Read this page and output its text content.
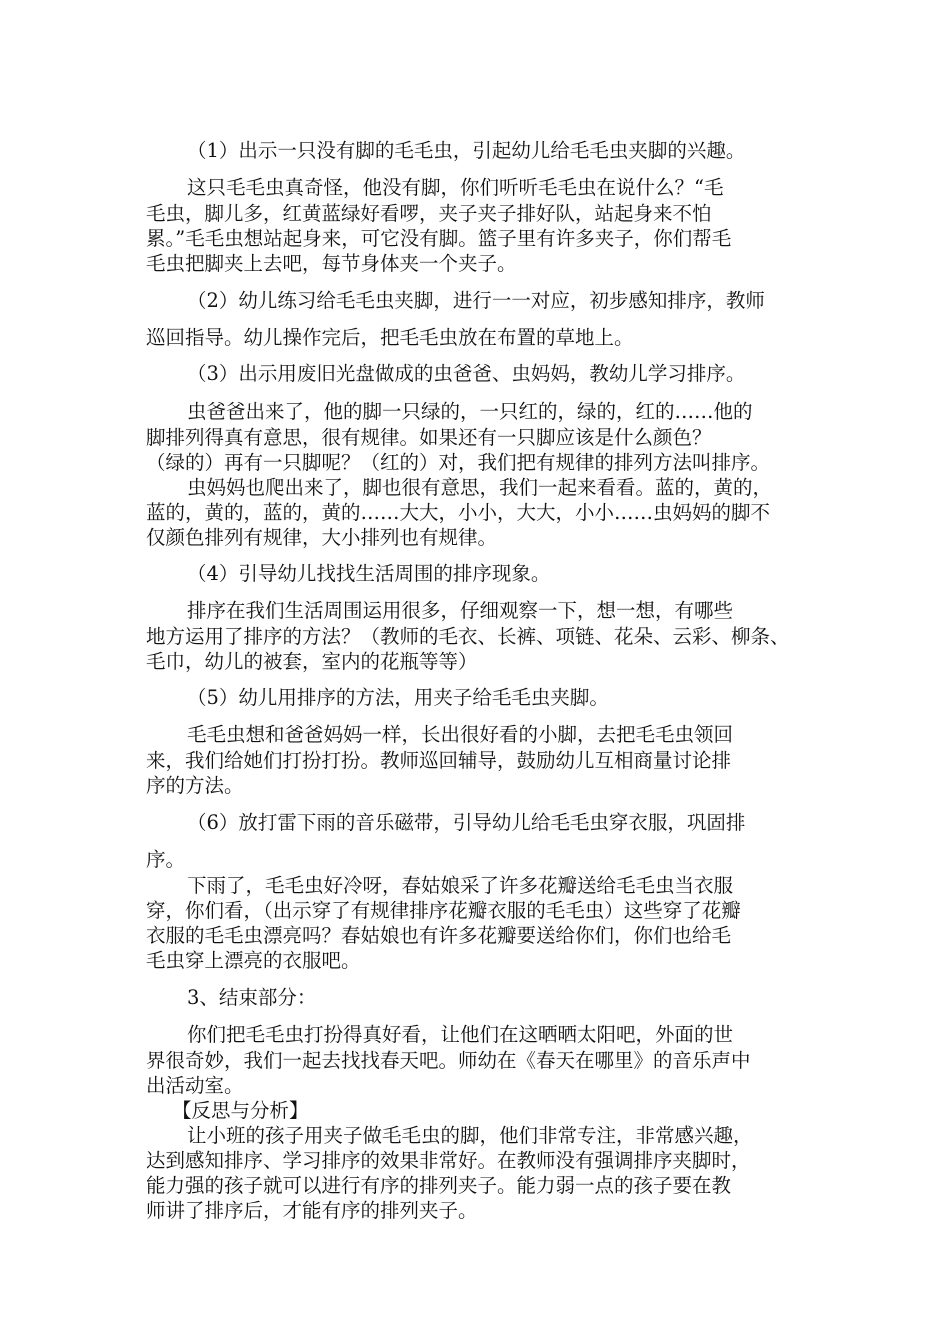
（1）出示一只没有脚的毛毛虫，引起幼儿给毛毛虫夹脚的兴趣。
这只毛毛虫真奇怪，他没有脚，你们听听毛毛虫在说什么？“毛
毛虫，脚儿多，红黄蓝绿好看啰，夹子夹子排好队，站起身来不怕
累。”毛毛虫想站起身来，可它没有脚。篮子里有许多夹子，你们帮毛
毛虫把脚夹上去吧，每节身体夹一个夹子。
（2）幼儿练习给毛毛虫夹脚，进行一一对应，初步感知排序，教师
巡回指导。幼儿操作完后，把毛毛虫放在布置的草地上。
（3）出示用废旧光盘做成的虫爸爸、虫妈妈，教幼儿学习排序。
虫爸爸出来了，他的脚一只绿的，一只红的，绿的，红的……他的
脚排列得真有意思，很有规律。如果还有一只脚应该是什么颜色？
（绿的）再有一只脚呢？（红的）对，我们把有规律的排列方法叫排序。
虫妈妈也爬出来了，脚也很有意思，我们一起来看看。蓝的，黄的，
蓝的，黄的，蓝的，黄的……大大，小小，大大，小小……虫妈妈的脚不
仅颜色排列有规律，大小排列也有规律。
（4）引导幼儿找找生活周围的排序现象。
排序在我们生活周围运用很多，仔细观察一下，想一想，有哪些
地方运用了排序的方法？（教师的毛衣、长裤、项链、花朵、云彩、柳条、
毛巾，幼儿的被套，室内的花瓶等等）
（5）幼儿用排序的方法，用夹子给毛毛虫夹脚。
毛毛虫想和爸爸妈妈一样，长出很好看的小脚，去把毛毛虫领回
来，我们给她们打扮打扮。教师巡回辅导，鼓励幼儿互相商量讨论排
序的方法。
（6）放打雷下雨的音乐磁带，引导幼儿给毛毛虫穿衣服，巩固排
序。
下雨了，毛毛虫好冷呀，春姑娘采了许多花瓣送给毛毛虫当衣服
穿，你们看，（出示穿了有规律排序花瓣衣服的毛毛虫）这些穿了花瓣
衣服的毛毛虫漂亮吗？春姑娘也有许多花瓣要送给你们，你们也给毛
毛虫穿上漂亮的衣服吧。
3、结束部分：
你们把毛毛虫打扮得真好看，让他们在这晒晒太阳吧，外面的世
界很奇妙，我们一起去找找春天吧。师幼在《春天在哪里》的音乐声中
出活动室。
【反思与分析】
让小班的孩子用夹子做毛毛虫的脚，他们非常专注，非常感兴趣，
达到感知排序、学习排序的效果非常好。在教师没有强调排序夹脚时，
能力强的孩子就可以进行有序的排列夹子。能力弱一点的孩子要在教
师讲了排序后，才能有序的排列夹子。
